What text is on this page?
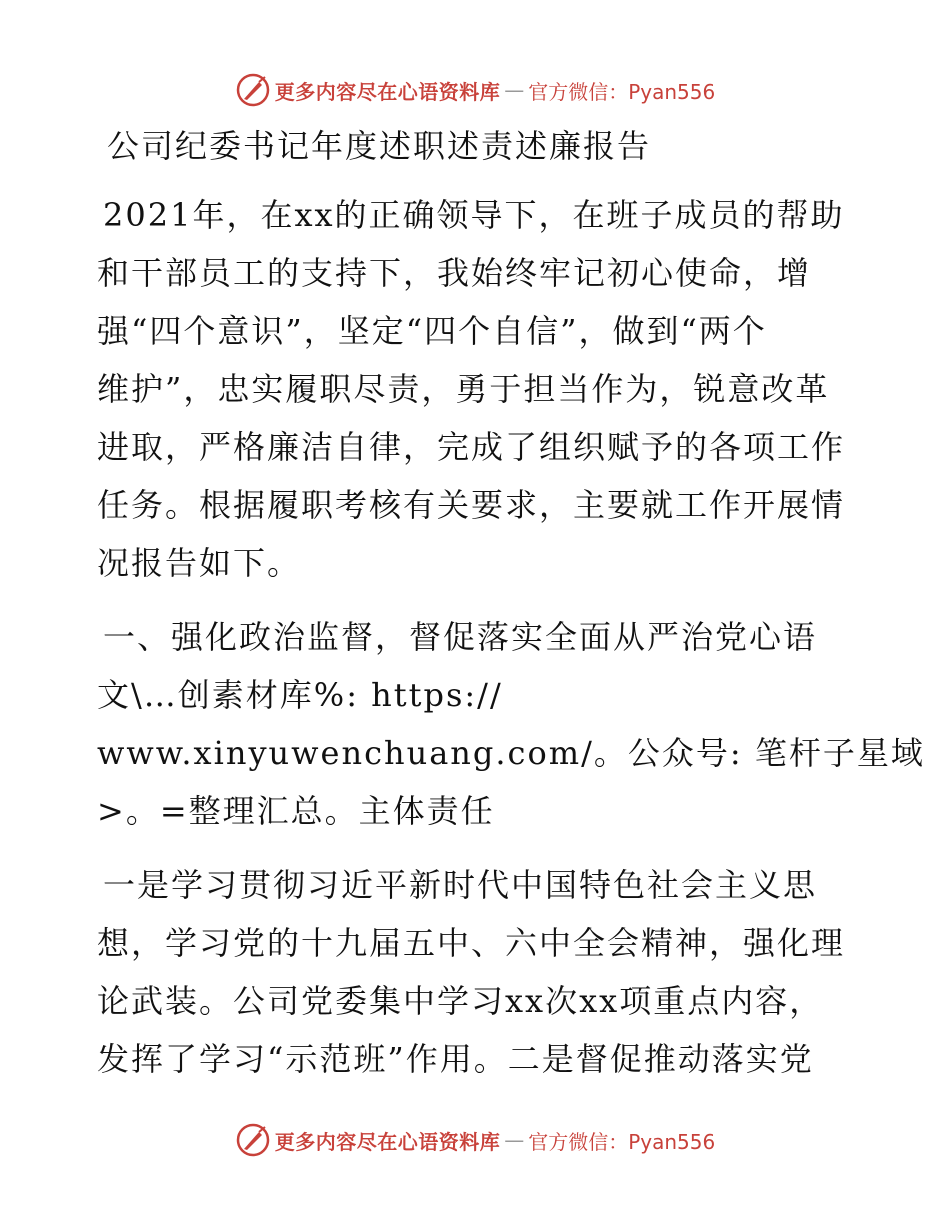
更多内容尽在心语资料库 — 官方微信：Pyan556
公司纪委书记年度述职述责述廉报告
2021年，在xx的正确领导下，在班子成员的帮助
和干部员工的支持下，我始终牢记初心使命，增
强“四个意识”，坚定“四个自信”，做到“两个
维护”，忠实履职尽责，勇于担当作为，锐意改革
进取，严格廉洁自律，完成了组织赋予的各项工作
任务。根据履职考核有关要求，主要就工作开展情
况报告如下。
一、强化政治监督，督促落实全面从严治党心语
文\…创素材库%: https://
www.xinyuwenchuang.com/。公众号: 笔杆子星域
>。=整理汇总。主体责任
一是学习贯彻习近平新时代中国特色社会主义思
想，学习党的十九届五中、六中全会精神，强化理
论武装。公司党委集中学习xx次xx项重点内容，
发挥了学习“示范班”作用。二是督促推动落实党
更多内容尽在心语资料库 — 官方微信：Pyan556
